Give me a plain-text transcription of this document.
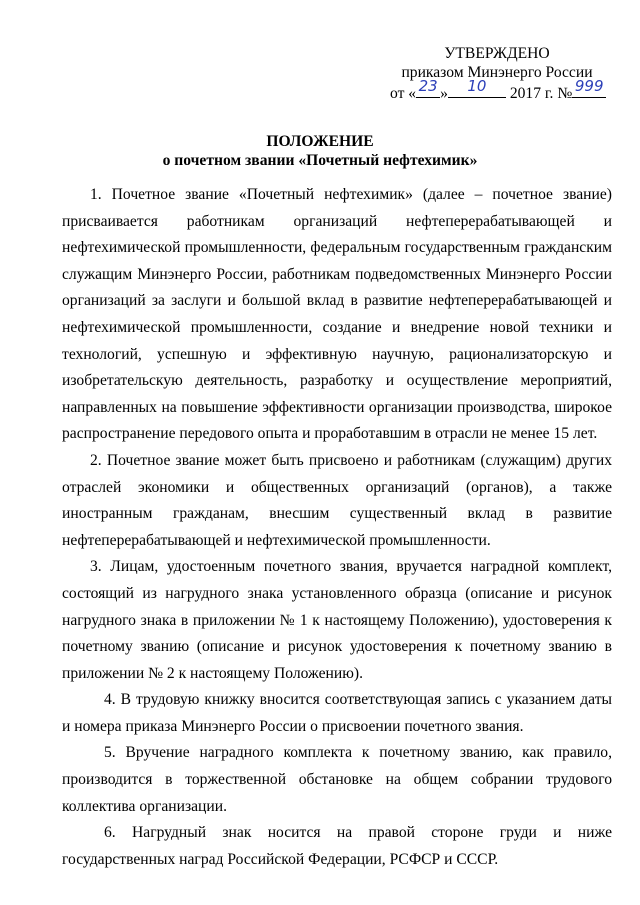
УТВЕРЖДЕНО
приказом Минэнерго России
от « 23 »	10	2017 г. № 999
ПОЛОЖЕНИЕ
о почетном звании «Почетный нефтехимик»

1. Почетное звание «Почетный нефтехимик» (далее – почетное звание) присваивается работникам организаций нефтеперерабатывающей и нефтехимической промышленности, федеральным государственным гражданским служащим Минэнерго России, работникам подведомственных Минэнерго России организаций за заслуги и большой вклад в развитие нефтеперерабатывающей и нефтехимической промышленности, создание и внедрение новой техники и технологий, успешную и эффективную научную, рационализаторскую и изобретательскую деятельность, разработку и осуществление мероприятий, направленных на повышение эффективности организации производства, широкое распространение передового опыта и проработавшим в отрасли не менее 15 лет.

2. Почетное звание может быть присвоено и работникам (служащим) других отраслей экономики и общественных организаций (органов), а также иностранным гражданам, внесшим существенный вклад в развитие нефтеперерабатывающей и нефтехимической промышленности.

3. Лицам, удостоенным почетного звания, вручается наградной комплект, состоящий из нагрудного знака установленного образца (описание и рисунок нагрудного знака в приложении № 1 к настоящему Положению), удостоверения к почетному званию (описание и рисунок удостоверения к почетному званию в приложении № 2 к настоящему Положению).

4. В трудовую книжку вносится соответствующая запись с указанием даты и номера приказа Минэнерго России о присвоении почетного звания.

5. Вручение наградного комплекта к почетному званию, как правило, производится в торжественной обстановке на общем собрании трудового коллектива организации.

6. Нагрудный знак носится на правой стороне груди и ниже государственных наград Российской Федерации, РСФСР и СССР.
